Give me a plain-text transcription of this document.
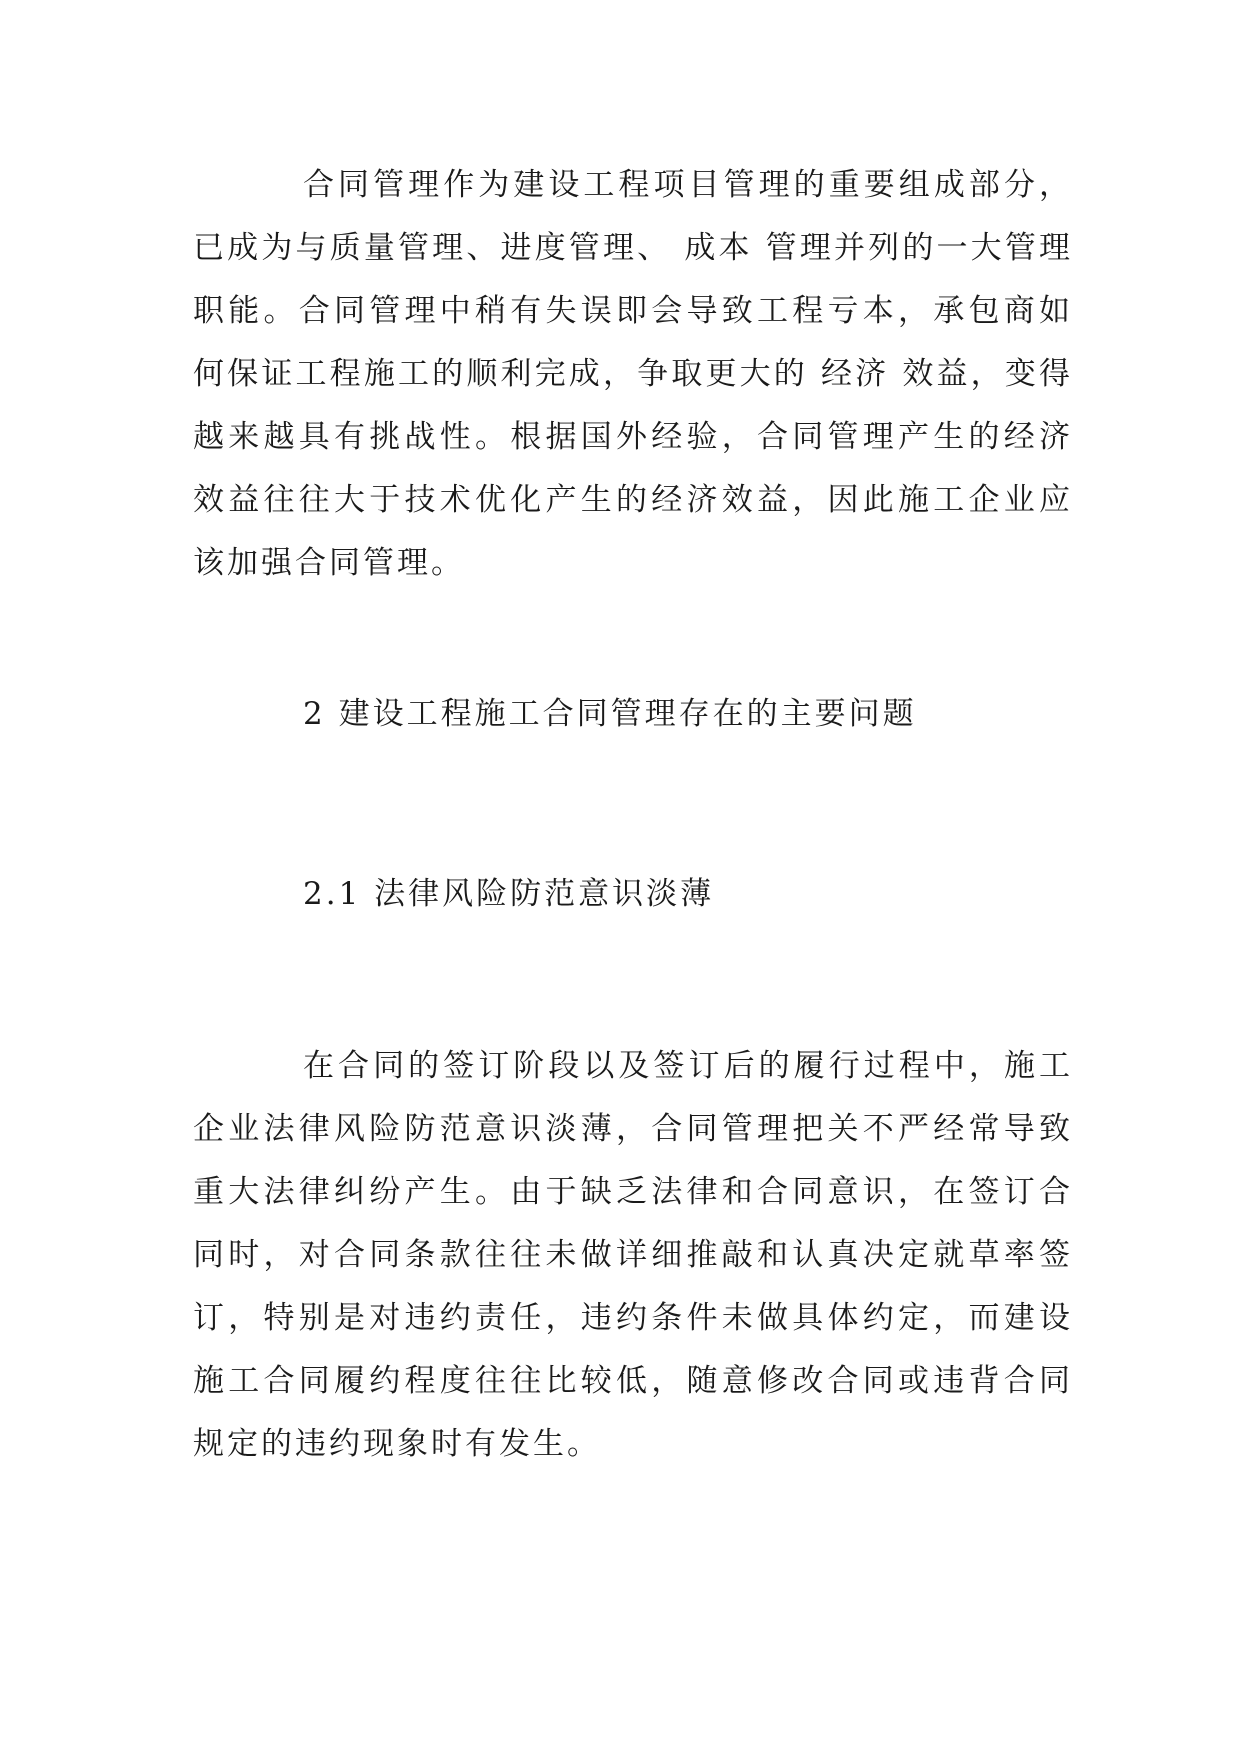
合同管理作为建设工程项目管理的重要组成部分，已成为与质量管理、进度管理、 成本 管理并列的一大管理职能。合同管理中稍有失误即会导致工程亏本，承包商如何保证工程施工的顺利完成，争取更大的 经济 效益，变得越来越具有挑战性。根据国外经验，合同管理产生的经济效益往往大于技术优化产生的经济效益，因此施工企业应该加强合同管理。

2 建设工程施工合同管理存在的主要问题

2.1 法律风险防范意识淡薄

在合同的签订阶段以及签订后的履行过程中，施工企业法律风险防范意识淡薄，合同管理把关不严经常导致重大法律纠纷产生。由于缺乏法律和合同意识，在签订合同时，对合同条款往往未做详细推敲和认真决定就草率签订，特别是对违约责任，违约条件未做具体约定，而建设施工合同履约程度往往比较低，随意修改合同或违背合同规定的违约现象时有发生。
